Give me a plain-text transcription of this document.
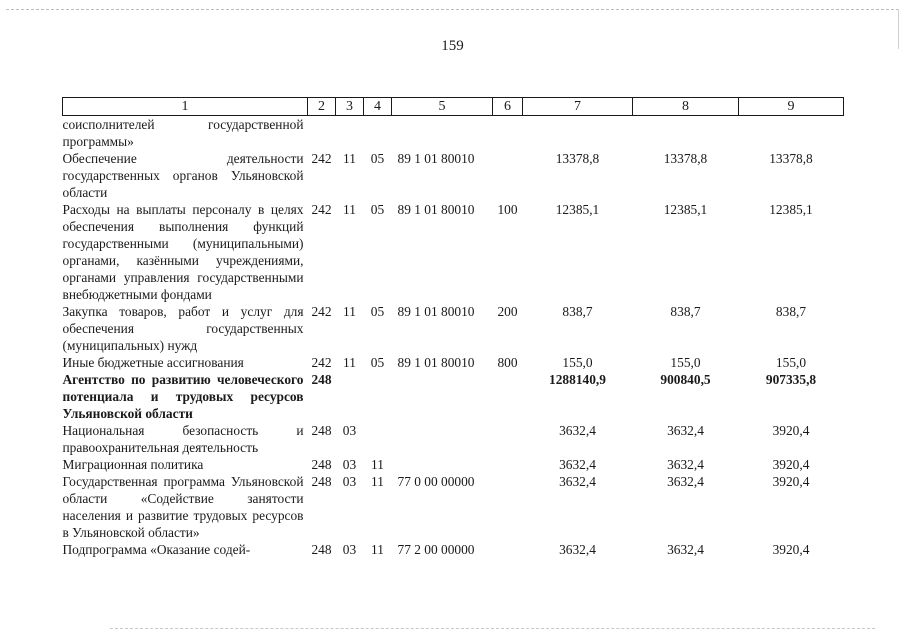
159
1	2	3	4	5	6	7	8	9
соисполнителей государственной программы»								
Обеспечение деятельности государственных органов Ульяновской области	242	11	05	89 1 01 80010		13378,8	13378,8	13378,8
Расходы на выплаты персоналу в целях обеспечения выполнения функций государственными (муниципальными) органами, казёнными учреждениями, органами управления государственными внебюджетными фондами	242	11	05	89 1 01 80010	100	12385,1	12385,1	12385,1
Закупка товаров, работ и услуг для обеспечения государственных (муниципальных) нужд	242	11	05	89 1 01 80010	200	838,7	838,7	838,7
Иные бюджетные ассигнования	242	11	05	89 1 01 80010	800	155,0	155,0	155,0
Агентство по развитию человеческого потенциала и трудовых ресурсов Ульяновской области	248					1288140,9	900840,5	907335,8
Национальная безопасность и правоохранительная деятельность	248	03				3632,4	3632,4	3920,4
Миграционная политика	248	03	11			3632,4	3632,4	3920,4
Государственная программа Ульяновской области «Содействие занятости населения и развитие трудовых ресурсов в Ульяновской области»	248	03	11	77 0 00 00000		3632,4	3632,4	3920,4
Подпрограмма «Оказание содей-	248	03	11	77 2 00 00000		3632,4	3632,4	3920,4
